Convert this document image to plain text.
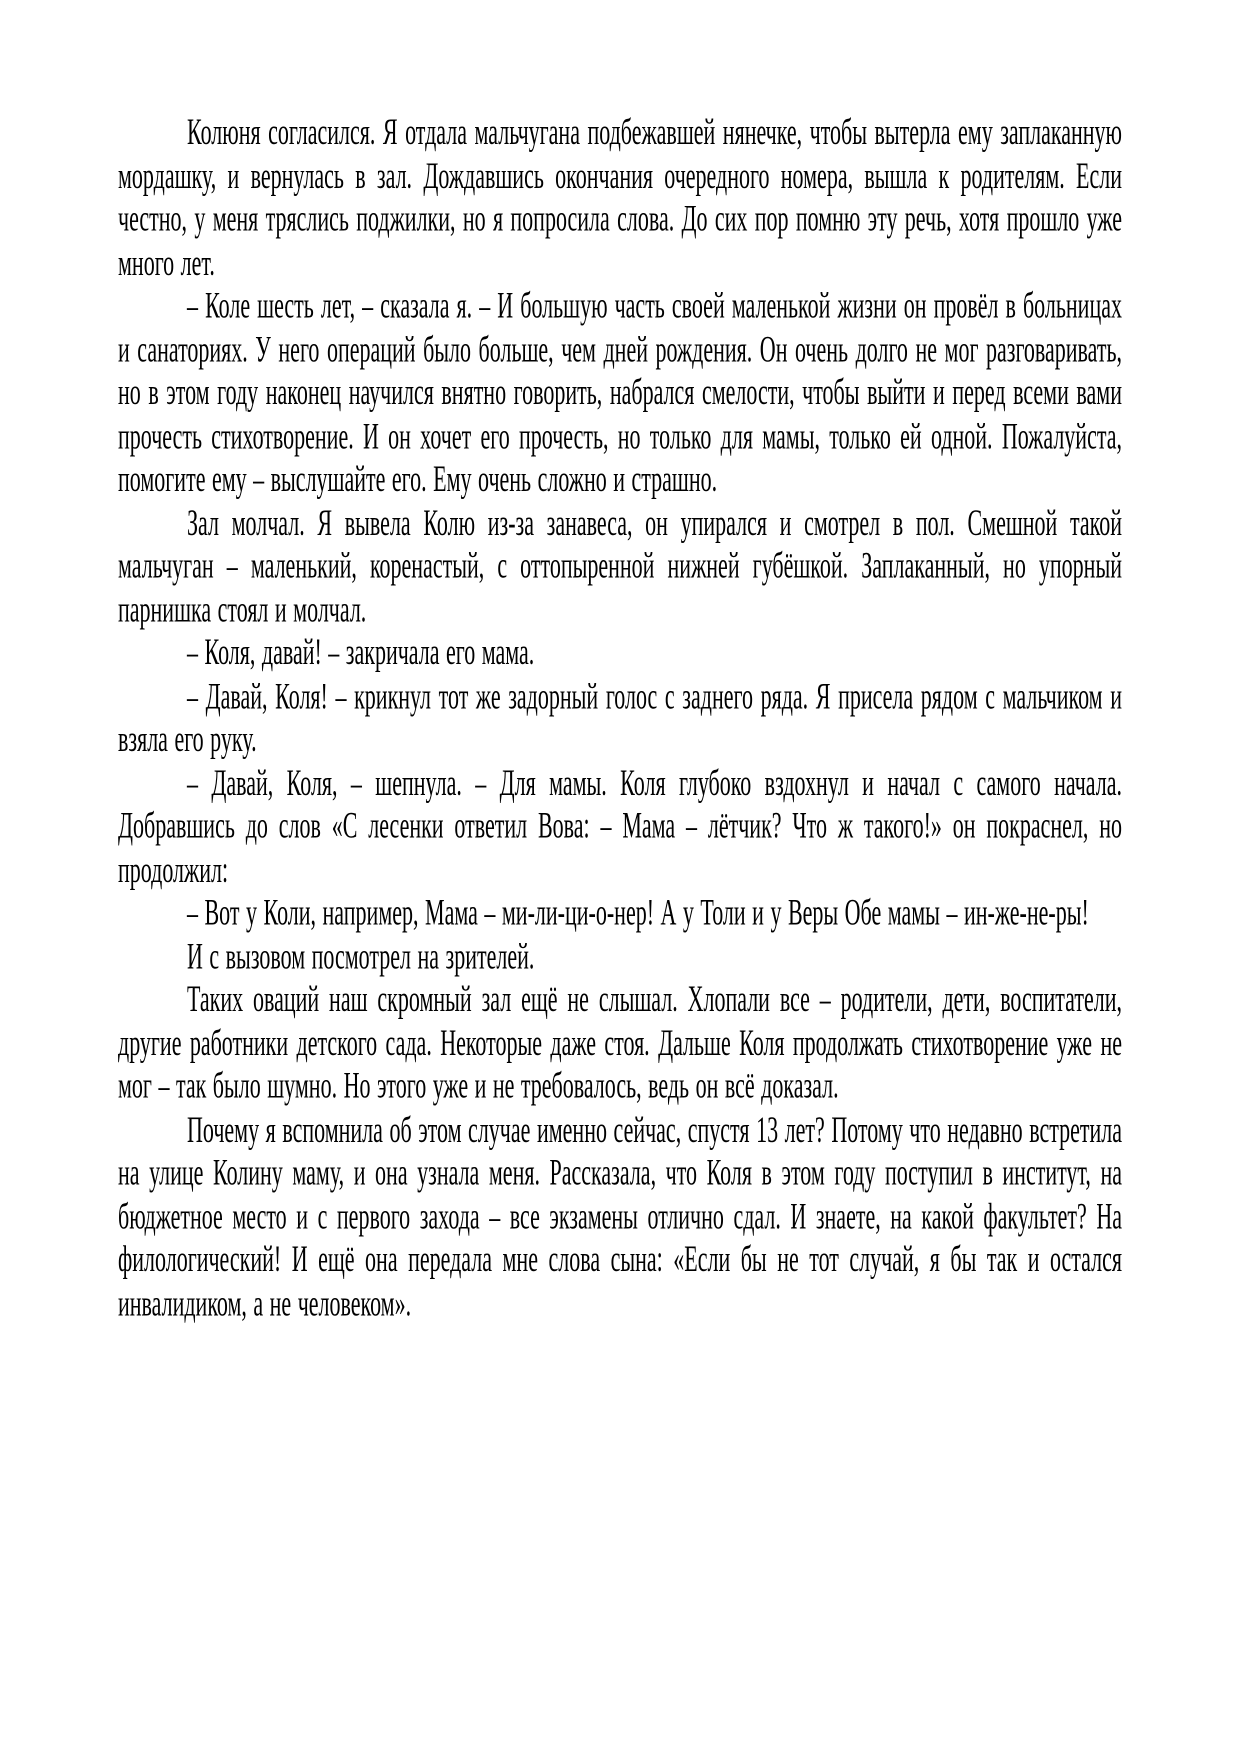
Колюня согласился. Я отдала мальчугана подбежавшей нянечке, чтобы вытерла ему заплаканную мордашку, и вернулась в зал. Дождавшись окончания очередного номера, вышла к родителям. Если честно, у меня тряслись поджилки, но я попросила слова. До сих пор помню эту речь, хотя прошло уже много лет.

– Коле шесть лет, – сказала я. – И большую часть своей маленькой жизни он провёл в больницах и санаториях. У него операций было больше, чем дней рождения. Он очень долго не мог разговаривать, но в этом году наконец научился внятно говорить, набрался смелости, чтобы выйти и перед всеми вами прочесть стихотворение. И он хочет его прочесть, но только для мамы, только ей одной. Пожалуйста, помогите ему – выслушайте его. Ему очень сложно и страшно.

Зал молчал. Я вывела Колю из-за занавеса, он упирался и смотрел в пол. Смешной такой мальчуган – маленький, коренастый, с оттопыренной нижней губёшкой. Заплаканный, но упорный парнишка стоял и молчал.

– Коля, давай! – закричала его мама.

– Давай, Коля! – крикнул тот же задорный голос с заднего ряда. Я присела рядом с мальчиком и взяла его руку.

– Давай, Коля, – шепнула. – Для мамы. Коля глубоко вздохнул и начал с самого начала. Добравшись до слов «С лесенки ответил Вова: – Мама – лётчик? Что ж такого!» он покраснел, но продолжил:

– Вот у Коли, например, Мама – ми-ли-ци-о-нер! А у Толи и у Веры Обе мамы – ин-же-не-ры!

И с вызовом посмотрел на зрителей.

Таких оваций наш скромный зал ещё не слышал. Хлопали все – родители, дети, воспитатели, другие работники детского сада. Некоторые даже стоя. Дальше Коля продолжать стихотворение уже не мог – так было шумно. Но этого уже и не требовалось, ведь он всё доказал.

Почему я вспомнила об этом случае именно сейчас, спустя 13 лет? Потому что недавно встретила на улице Колину маму, и она узнала меня. Рассказала, что Коля в этом году поступил в институт, на бюджетное место и с первого захода – все экзамены отлично сдал. И знаете, на какой факультет? На филологический! И ещё она передала мне слова сына: «Если бы не тот случай, я бы так и остался инвалидиком, а не человеком».
